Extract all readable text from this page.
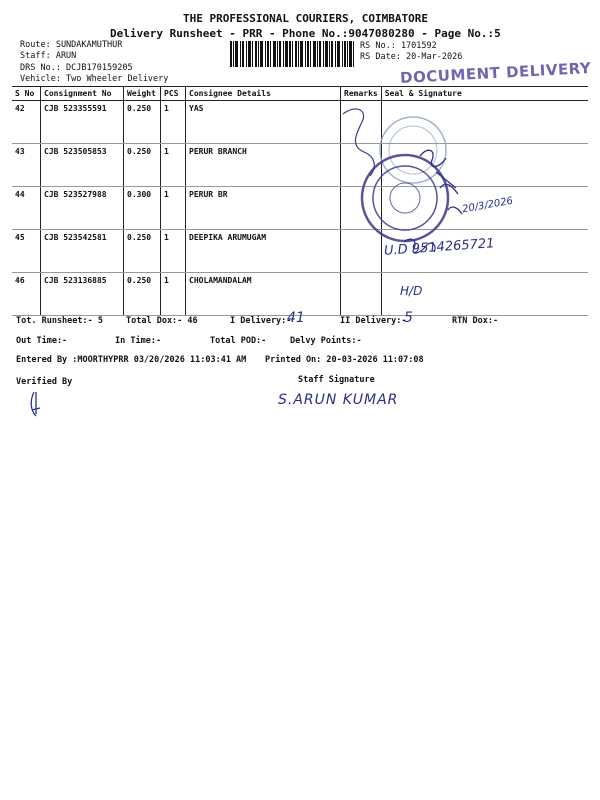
THE PROFESSIONAL COURIERS, COIMBATORE
Delivery Runsheet - PRR - Phone No.:9047080280 - Page No.:5
Route: SUNDAKAMUTHUR
Staff: ARUN
DRS No.: DCJB170159205
Vehicle: Two Wheeler Delivery
RS No.: 1701592
RS Date: 20-Mar-2026
DOCUMENT DELIVERY
S No	Consignment No	Weight	PCS	Consignee Details	Remarks	Seal & Signature
42	CJB 523355591	0.250	1	YAS		
43	CJB 523505853	0.250	1	PERUR BRANCH		
44	CJB 523527988	0.300	1	PERUR BR		
45	CJB 523542581	0.250	1	DEEPIKA ARUMUGAM		
46	CJB 523136885	0.250	1	CHOLAMANDALAM		
20/3/2026
U.D 9514265721
H/D
Tot. Runsheet:- 5	Total Dox:- 46	I Delivery:-
41	II Delivery:-
5	RTN Dox:-
Out Time:-	In Time:-	Total POD:-	Delvy Points:-
Entered By :MOORTHYPRR 03/20/2026 11:03:41 AM Printed On: 20-03-2026 11:07:08
Verified By	Staff Signature
S.ARUN KUMAR
